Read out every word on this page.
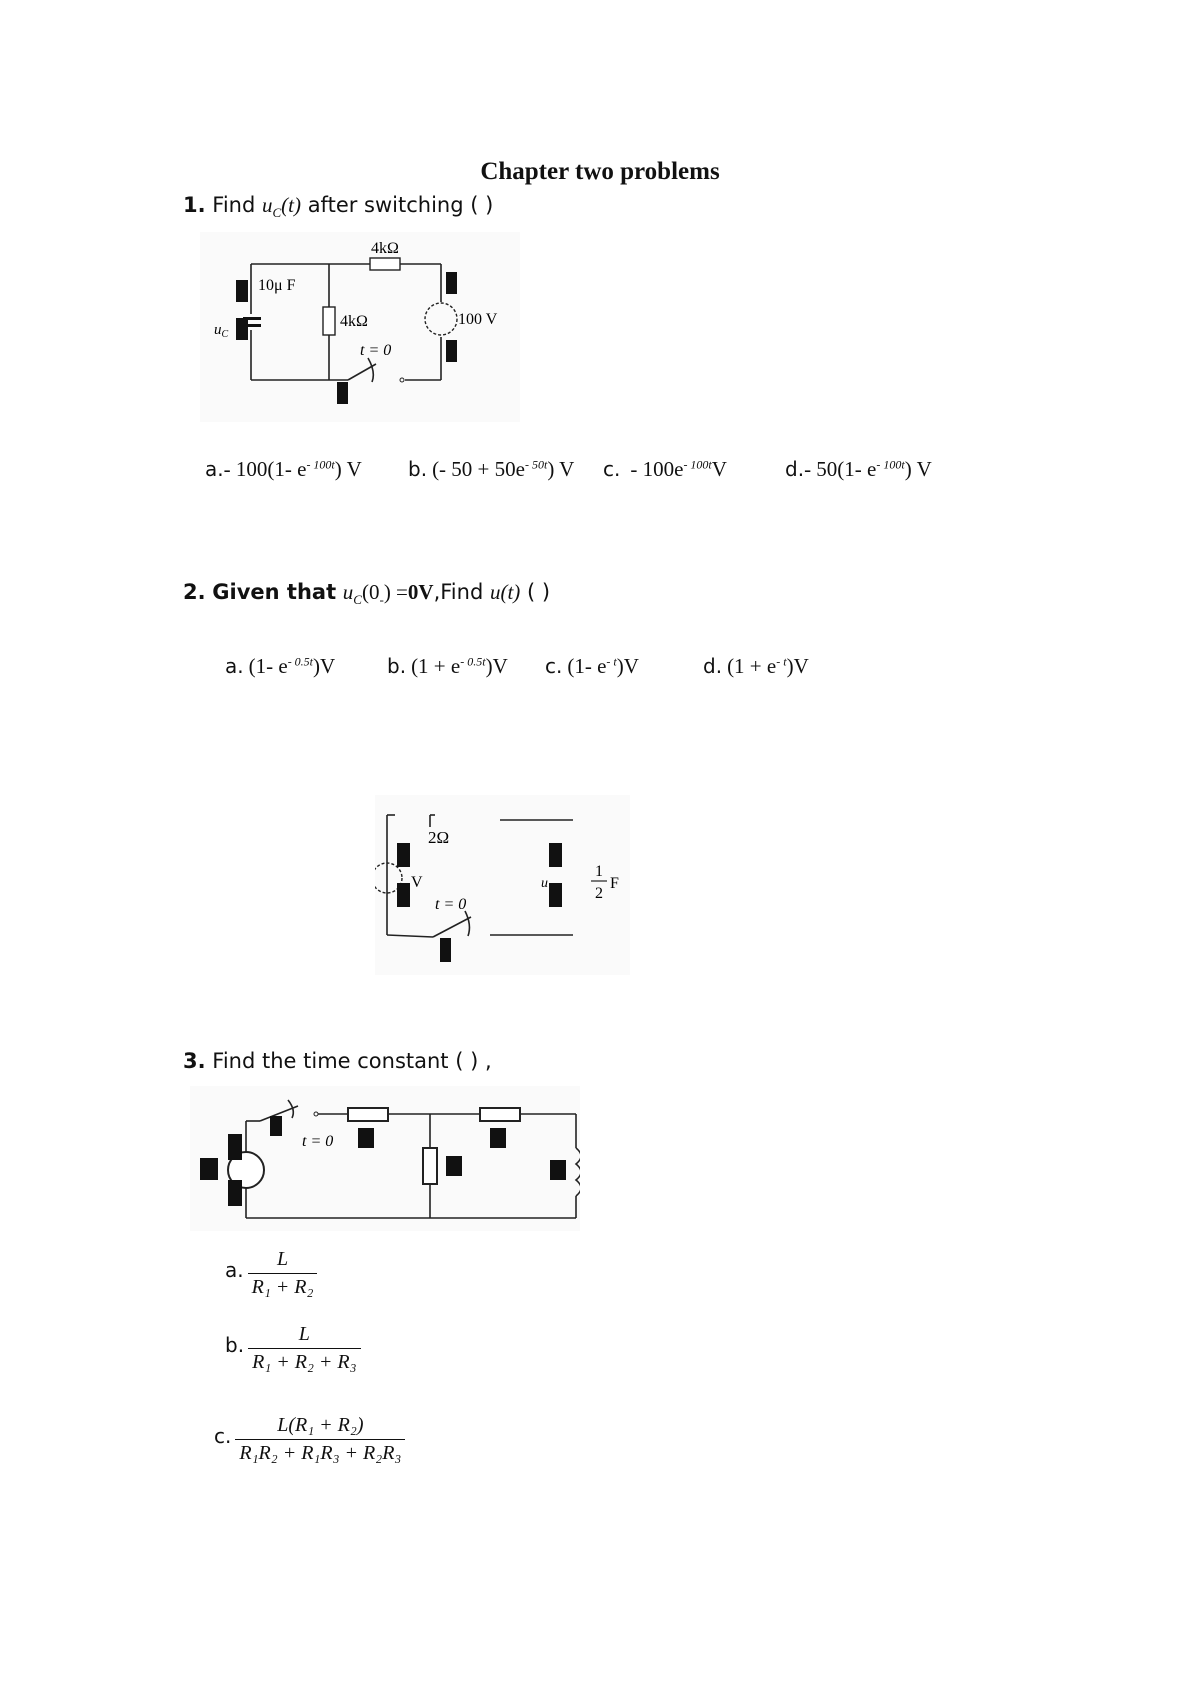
Chapter two problems
1. Find $u_C(t)$ after switching ( )
4kΩ
10μ F
$u_C$
4kΩ	100 V
t = 0
a.- 100(1- $e^{- 100t}$) V b. (- $50 + 50e^{- 50t}$) V c. - $100e^{- 100t}V$	d.- 50(1- $e^{- 100t}$) V
2. Given that $u_C(0_-)$ =0V,Find u(t) ( )
a. (1- $e^{- 0.5t})V$	b. $(1 + e^{- 0.5t})V$ c. (1- $e^{- t})V$	d. $(1 + e^{- t})V$
2Ω
V	u
1
2
F
t = 0
3. Find the time constant ( ) ,
t = 0
a. $\frac{L}{\text{R₁ + R₂}}$
b. $\frac{L}{\text{R₁ + R₂ + R₃}}$
c. $\frac{\text{L(R₁ + R₂)}}{\text{R₁R₂ + R₁R₃ + R₂R₃}}$
